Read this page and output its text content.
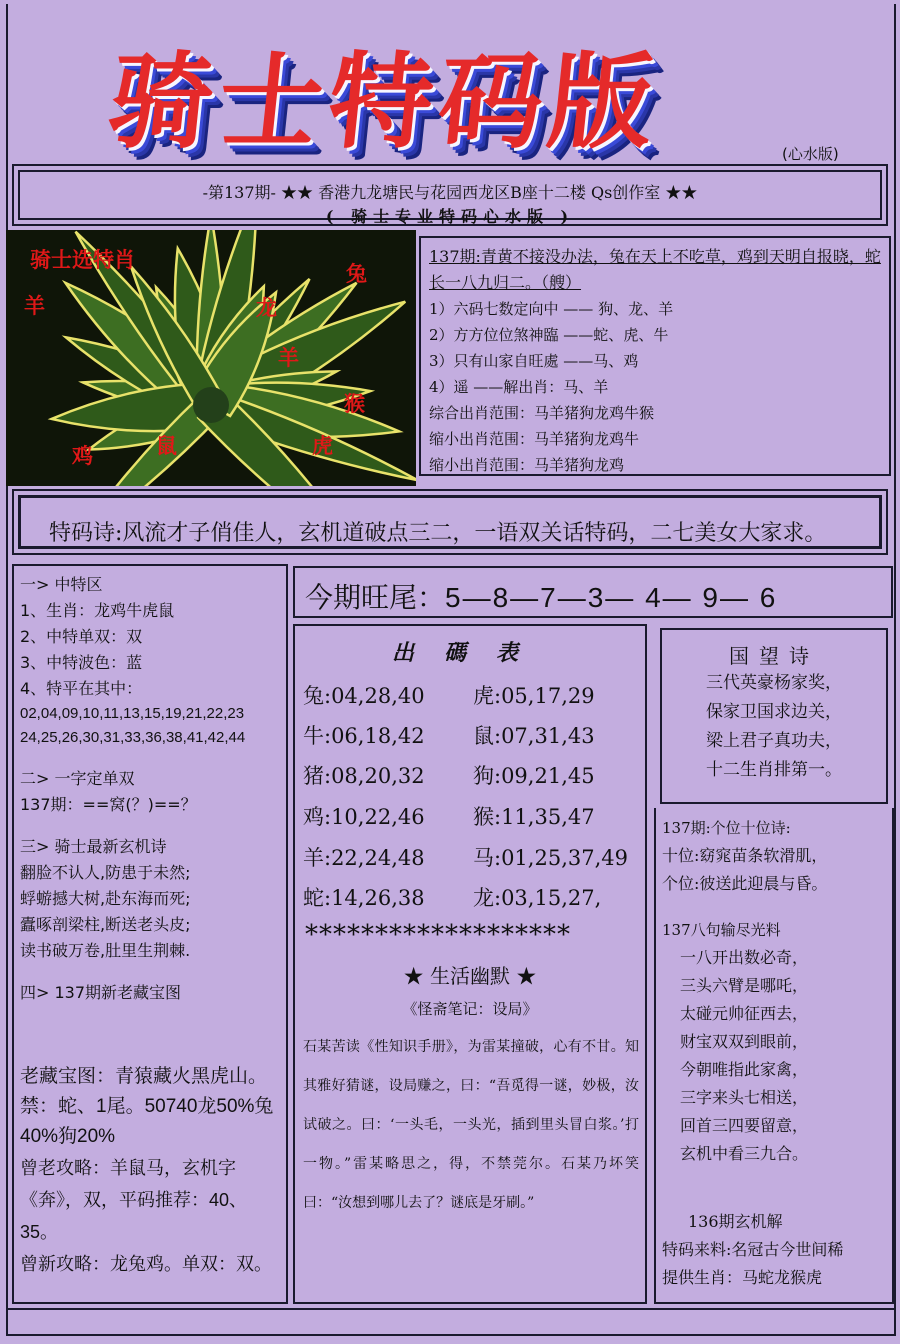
骑士特码版	(心水版)
-第137期- ★★ 香港九龙塘民与花园西龙区B座十二楼 Qs创作室 ★★
( 骑士专业特码心水版 )
骑士选特肖
兔
羊	龙
羊
猴
鸡	鼠	虎
137期:青黄不接没办法，兔在天上不吃草，鸡到天明自报晓，蛇长一八九归二。（艘）
1）六码七数定向中 —— 狗、龙、羊
2）方方位位煞神臨 ——蛇、虎、牛
3）只有山家自旺處 ——马、鸡
4）遥 ——解出肖：马、羊
综合出肖范围：马羊猪狗龙鸡牛猴
缩小出肖范围：马羊猪狗龙鸡牛
缩小出肖范围：马羊猪狗龙鸡
特码诗:风流才子俏佳人，玄机道破点三二，一语双关话特码，二七美女大家求。
一> 中特区
1、生肖：龙鸡牛虎鼠
2、中特单双：双
3、中特波色：蓝
4、特平在其中：
02,04,09,10,11,13,15,19,21,22,23
24,25,26,30,31,33,36,38,41,42,44
二> 一字定单双
137期：==窝(？)==？
三> 骑士最新玄机诗
翻脸不认人,防患于未然;
蜉蝣撼大树,赴东海而死;
蠹啄剖梁柱,断送老头皮;
读书破万卷,肚里生荆棘.
四> 137期新老藏宝图
老藏宝图：青猿藏火黑虎山。禁：蛇、1尾。50740龙50%兔40%狗20%
曾老攻略：羊鼠马，玄机字《奔》，双，平码推荐：40、35。
曾新攻略：龙兔鸡。单双：双。
今期旺尾：5—8—7—3— 4— 9— 6
出碼表
兔:04,28,40 虎:05,17,29
牛:06,18,42 鼠:07,31,43
猪:08,20,32 狗:09,21,45
鸡:10,22,46 猴:11,35,47
羊:22,24,48 马:01,25,37,49
蛇:14,26,38 龙:03,15,27,
*******************
★ 生活幽默 ★
《怪斋笔记：设局》
石某苦读《性知识手册》，为雷某撞破，心有不甘。知其雅好猜谜，设局赚之，曰：“吾觅得一谜，妙极，汝试破之。曰：‘一头毛，一头光，插到里头冒白浆。’打一物。”雷某略思之，得，不禁莞尔。石某乃坏笑曰：“汝想到哪儿去了？谜底是牙刷。”
国望诗
三代英豪杨家奖，
保家卫国求边关，
梁上君子真功夫，
十二生肖排第一。
137期:个位十位诗:
十位:窈窕苗条软滑肌，
个位:彼送此迎晨与昏。
137八句输尽光料
一八开出数必奇，
三头六臂是哪吒，
太碰元帅征西去，
财宝双双到眼前，
今朝唯指此家禽，
三字来头七相送，
回首三四要留意，
玄机中看三九合。
136期玄机解
特码来料:名冠古今世间稀
提供生肖：马蛇龙猴虎
